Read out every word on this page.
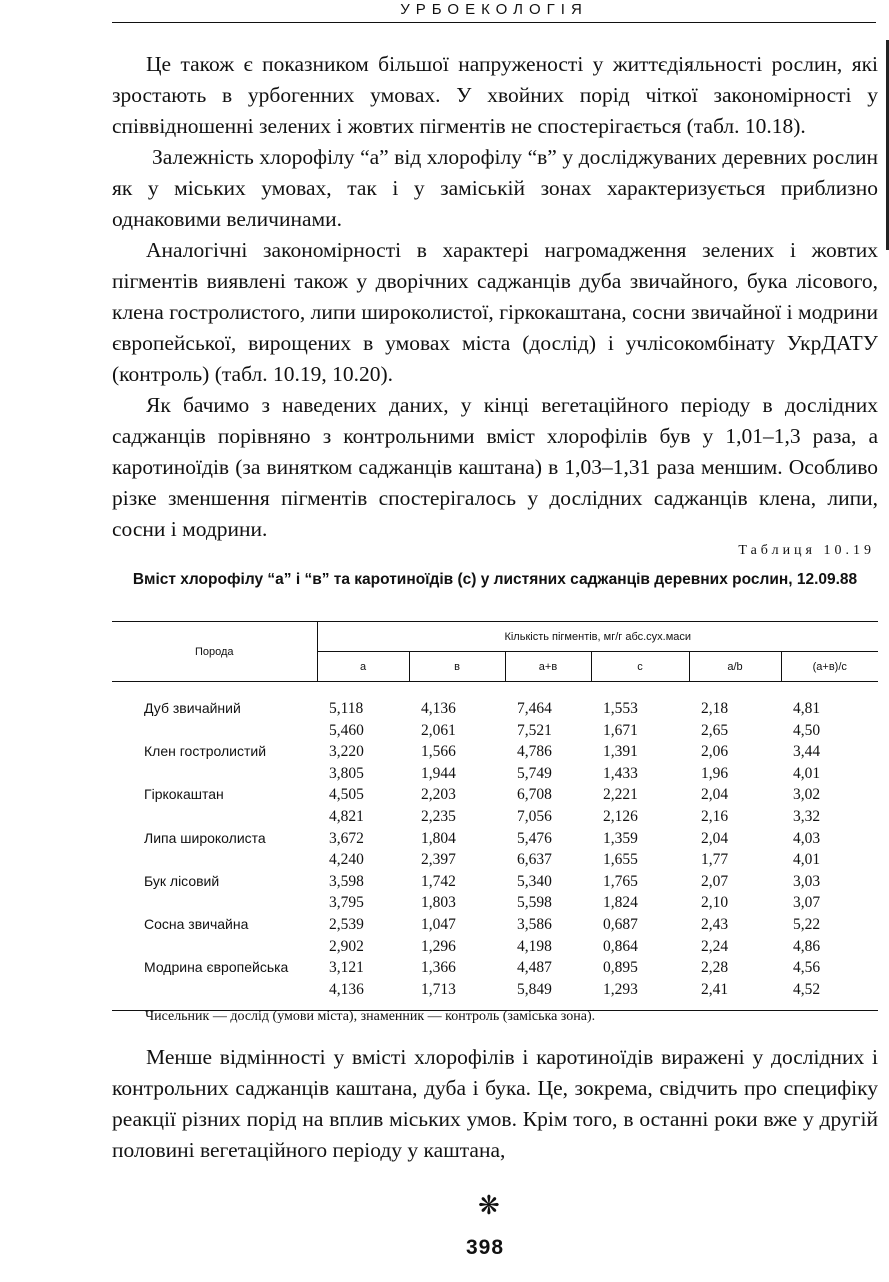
УРБОЕКОЛОГІЯ

Це також є показником більшої напруженості у життєдіяльності рослин, які зростають в урбогенних умовах. У хвойних порід чіткої закономірності у співвідношенні зелених і жовтих пігментів не спостерігається (табл. 10.18).

Залежність хлорофілу “а” від хлорофілу “в” у досліджуваних деревних рослин як у міських умовах, так і у заміській зонах характеризується приблизно однаковими величинами.

Аналогічні закономірності в характері нагромадження зелених і жовтих пігментів виявлені також у дворічних саджанців дуба звичайного, бука лісового, клена гостролистого, липи широколистої, гіркокаштана, сосни звичайної і модрини європейської, вирощених в умовах міста (дослід) і учлісокомбінату УкрДАТУ (контроль) (табл. 10.19, 10.20).

Як бачимо з наведених даних, у кінці вегетаційного періоду в дослідних саджанців порівняно з контрольними вміст хлорофілів був у 1,01–1,3 раза, а каротиноїдів (за винятком саджанців каштана) в 1,03–1,31 раза меншим. Особливо різке зменшення пігментів спостерігалось у дослідних саджанців клена, липи, сосни і модрини.

Таблиця 10.19
Вміст хлорофілу “а” і “в” та каротиноїдів (с) у листяних саджанців деревних рослин, 12.09.88
Порода	Кількість пігментів, мг/г абс.сух.маси					
	а	в	а+в	с	а/b	(а+в)/с
Дуб звичайний	5,118	4,136	7,464	1,553	2,18	4,81
	5,460	2,061	7,521	1,671	2,65	4,50
Клен гостролистий	3,220	1,566	4,786	1,391	2,06	3,44
	3,805	1,944	5,749	1,433	1,96	4,01
Гіркокаштан	4,505	2,203	6,708	2,221	2,04	3,02
	4,821	2,235	7,056	2,126	2,16	3,32
Липа широколиста	3,672	1,804	5,476	1,359	2,04	4,03
	4,240	2,397	6,637	1,655	1,77	4,01
Бук лісовий	3,598	1,742	5,340	1,765	2,07	3,03
	3,795	1,803	5,598	1,824	2,10	3,07
Сосна звичайна	2,539	1,047	3,586	0,687	2,43	5,22
	2,902	1,296	4,198	0,864	2,24	4,86
Модрина європейська	3,121	1,366	4,487	0,895	2,28	4,56
	4,136	1,713	5,849	1,293	2,41	4,52
Чисельник — дослід (умови міста), знаменник — контроль (заміська зона).

Менше відмінності у вмісті хлорофілів і каротиноїдів виражені у дослідних і контрольних саджанців каштана, дуба і бука. Це, зокрема, свідчить про специфіку реакції різних порід на вплив міських умов. Крім того, в останні роки вже у другій половині вегетаційного періоду у каштана,

❋
398
